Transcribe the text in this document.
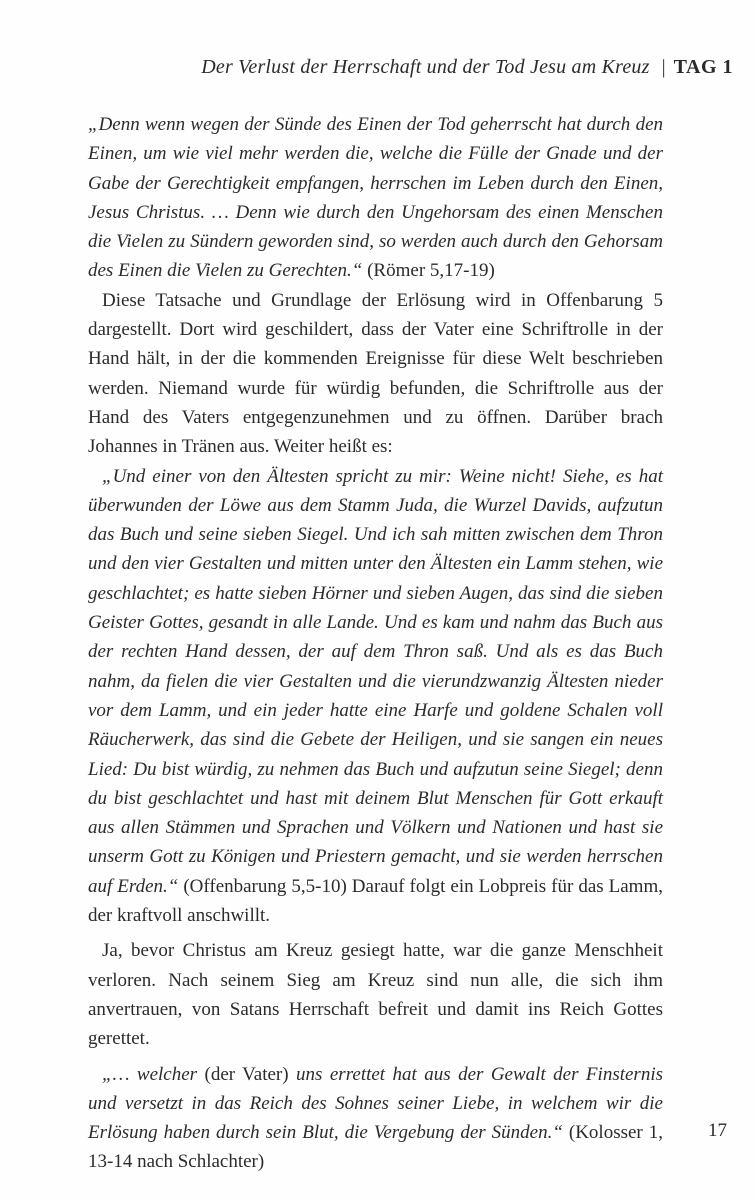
Der Verlust der Herrschaft und der Tod Jesu am Kreuz | TAG 1

„Denn wenn wegen der Sünde des Einen der Tod geherrscht hat durch den Einen, um wie viel mehr werden die, welche die Fülle der Gnade und der Gabe der Gerechtigkeit empfangen, herrschen im Leben durch den Einen, Jesus Christus. … Denn wie durch den Ungehorsam des einen Menschen die Vielen zu Sündern geworden sind, so werden auch durch den Gehorsam des Einen die Vielen zu Gerechten.“ (Römer 5,17-19)

Diese Tatsache und Grundlage der Erlösung wird in Offenbarung 5 dargestellt. Dort wird geschildert, dass der Vater eine Schriftrolle in der Hand hält, in der die kommenden Ereignisse für diese Welt beschrieben werden. Niemand wurde für würdig befunden, die Schriftrolle aus der Hand des Vaters entgegenzunehmen und zu öffnen. Darüber brach Johannes in Tränen aus. Weiter heißt es:

„Und einer von den Ältesten spricht zu mir: Weine nicht! Siehe, es hat überwunden der Löwe aus dem Stamm Juda, die Wurzel Davids, aufzutun das Buch und seine sieben Siegel. Und ich sah mitten zwischen dem Thron und den vier Gestalten und mitten unter den Ältesten ein Lamm stehen, wie geschlachtet; es hatte sieben Hörner und sieben Augen, das sind die sieben Geister Gottes, gesandt in alle Lande. Und es kam und nahm das Buch aus der rechten Hand dessen, der auf dem Thron saß. Und als es das Buch nahm, da fielen die vier Gestalten und die vierundzwanzig Ältesten nieder vor dem Lamm, und ein jeder hatte eine Harfe und goldene Schalen voll Räucherwerk, das sind die Gebete der Heiligen, und sie sangen ein neues Lied: Du bist würdig, zu nehmen das Buch und aufzutun seine Siegel; denn du bist geschlachtet und hast mit deinem Blut Menschen für Gott erkauft aus allen Stämmen und Sprachen und Völkern und Nationen und hast sie unserm Gott zu Königen und Priestern gemacht, und sie werden herrschen auf Erden.“ (Offenbarung 5,5-10) Darauf folgt ein Lobpreis für das Lamm, der kraftvoll anschwillt.

Ja, bevor Christus am Kreuz gesiegt hatte, war die ganze Menschheit verloren. Nach seinem Sieg am Kreuz sind nun alle, die sich ihm anvertrauen, von Satans Herrschaft befreit und damit ins Reich Gottes gerettet.

„… welcher (der Vater) uns errettet hat aus der Gewalt der Finsternis und versetzt in das Reich des Sohnes seiner Liebe, in welchem wir die Erlösung haben durch sein Blut, die Vergebung der Sünden.“ (Kolosser 1, 13-14 nach Schlachter)

17
